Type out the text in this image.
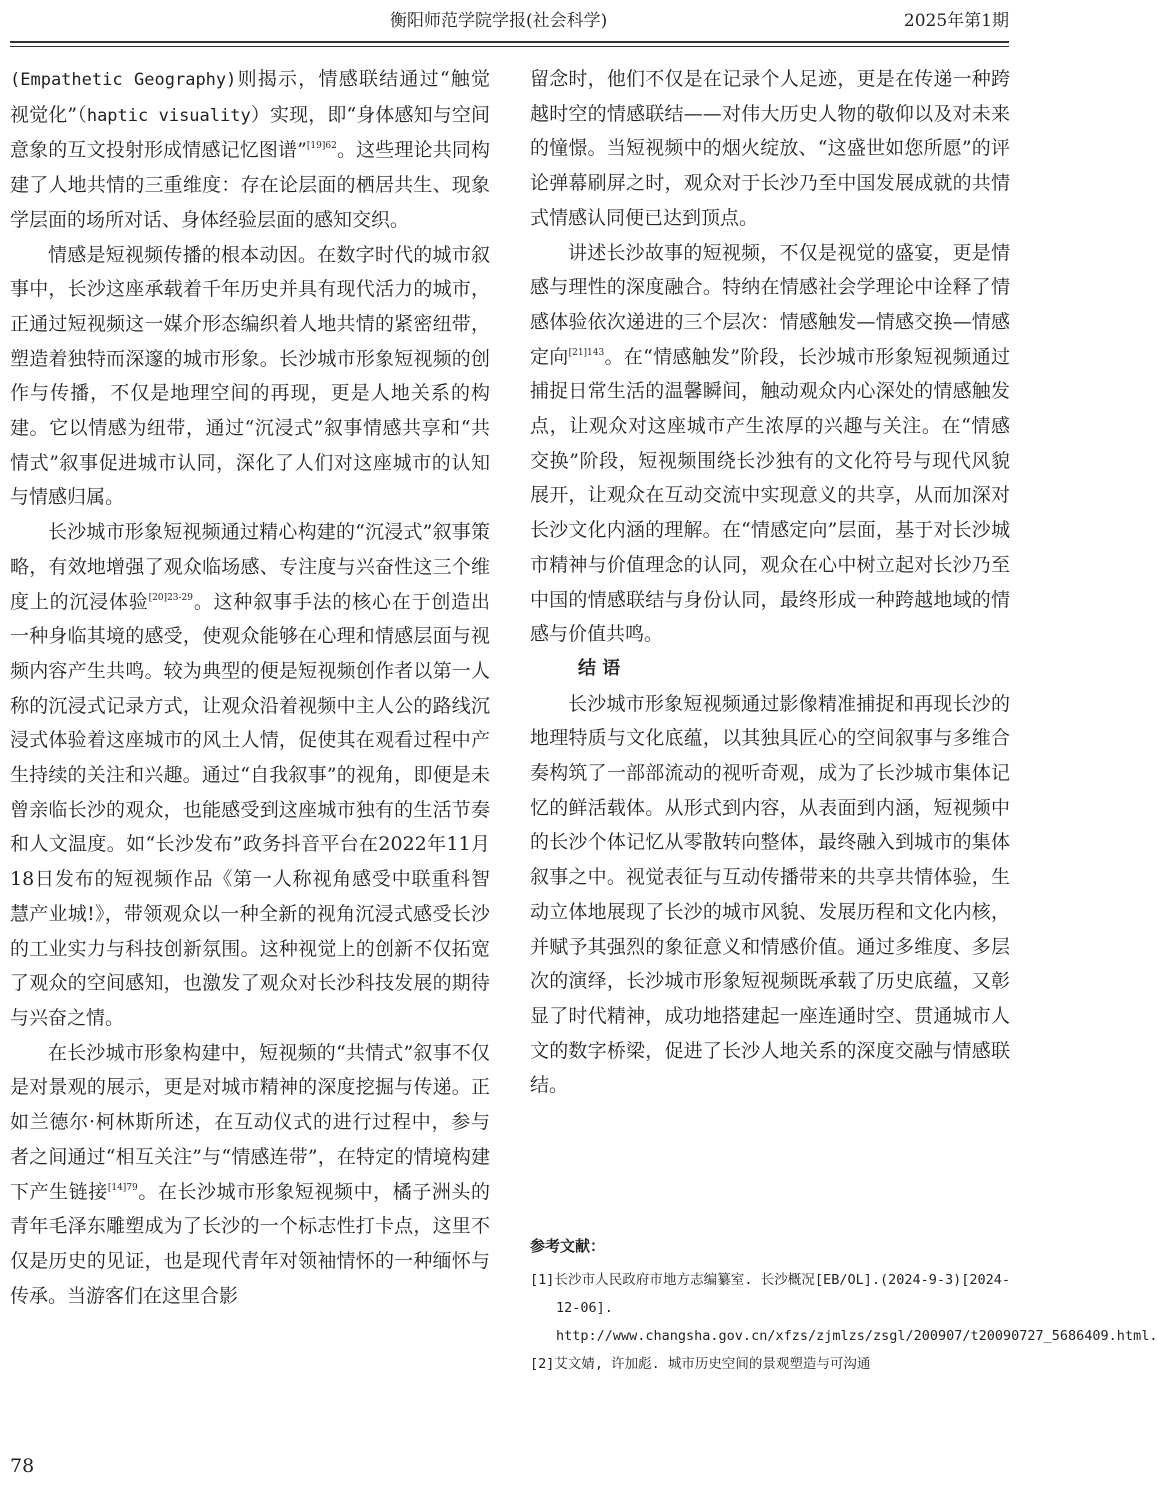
衡阳师范学院学报(社会科学)	2025年第1期

(Empathetic Geography)则揭示，情感联结通过“触觉视觉化”（haptic visuality）实现，即“身体感知与空间意象的互文投射形成情感记忆图谱”$^{[19]62}$。这些理论共同构建了人地共情的三重维度：存在论层面的栖居共生、现象学层面的场所对话、身体经验层面的感知交织。

情感是短视频传播的根本动因。在数字时代的城市叙事中，长沙这座承载着千年历史并具有现代活力的城市，正通过短视频这一媒介形态编织着人地共情的紧密纽带，塑造着独特而深邃的城市形象。长沙城市形象短视频的创作与传播，不仅是地理空间的再现，更是人地关系的构建。它以情感为纽带，通过“沉浸式”叙事情感共享和“共情式”叙事促进城市认同，深化了人们对这座城市的认知与情感归属。

长沙城市形象短视频通过精心构建的“沉浸式”叙事策略，有效地增强了观众临场感、专注度与兴奋性这三个维度上的沉浸体验$^{[20]23-29}$。这种叙事手法的核心在于创造出一种身临其境的感受，使观众能够在心理和情感层面与视频内容产生共鸣。较为典型的便是短视频创作者以第一人称的沉浸式记录方式，让观众沿着视频中主人公的路线沉浸式体验着这座城市的风土人情，促使其在观看过程中产生持续的关注和兴趣。通过“自我叙事”的视角，即便是未曾亲临长沙的观众，也能感受到这座城市独有的生活节奏和人文温度。如“长沙发布”政务抖音平台在2022年11月18日发布的短视频作品《第一人称视角感受中联重科智慧产业城!》，带领观众以一种全新的视角沉浸式感受长沙的工业实力与科技创新氛围。这种视觉上的创新不仅拓宽了观众的空间感知，也激发了观众对长沙科技发展的期待与兴奋之情。

在长沙城市形象构建中，短视频的“共情式”叙事不仅是对景观的展示，更是对城市精神的深度挖掘与传递。正如兰德尔·柯林斯所述，在互动仪式的进行过程中，参与者之间通过“相互关注”与“情感连带”，在特定的情境构建下产生链接$^{[14]79}$。在长沙城市形象短视频中，橘子洲头的青年毛泽东雕塑成为了长沙的一个标志性打卡点，这里不仅是历史的见证，也是现代青年对领袖情怀的一种缅怀与传承。当游客们在这里合影

留念时，他们不仅是在记录个人足迹，更是在传递一种跨越时空的情感联结——对伟大历史人物的敬仰以及对未来的憧憬。当短视频中的烟火绽放、“这盛世如您所愿”的评论弹幕刷屏之时，观众对于长沙乃至中国发展成就的共情式情感认同便已达到顶点。

讲述长沙故事的短视频，不仅是视觉的盛宴，更是情感与理性的深度融合。特纳在情感社会学理论中诠释了情感体验依次递进的三个层次：情感触发—情感交换—情感定向$^{[21]143}$。在“情感触发”阶段，长沙城市形象短视频通过捕捉日常生活的温馨瞬间，触动观众内心深处的情感触发点，让观众对这座城市产生浓厚的兴趣与关注。在“情感交换”阶段，短视频围绕长沙独有的文化符号与现代风貌展开，让观众在互动交流中实现意义的共享，从而加深对长沙文化内涵的理解。在“情感定向”层面，基于对长沙城市精神与价值理念的认同，观众在心中树立起对长沙乃至中国的情感联结与身份认同，最终形成一种跨越地域的情感与价值共鸣。

结 语

长沙城市形象短视频通过影像精准捕捉和再现长沙的地理特质与文化底蕴，以其独具匠心的空间叙事与多维合奏构筑了一部部流动的视听奇观，成为了长沙城市集体记忆的鲜活载体。从形式到内容，从表面到内涵，短视频中的长沙个体记忆从零散转向整体，最终融入到城市的集体叙事之中。视觉表征与互动传播带来的共享共情体验，生动立体地展现了长沙的城市风貌、发展历程和文化内核，并赋予其强烈的象征意义和情感价值。通过多维度、多层次的演绎，长沙城市形象短视频既承载了历史底蕴，又彰显了时代精神，成功地搭建起一座连通时空、贯通城市人文的数字桥梁，促进了长沙人地关系的深度交融与情感联结。

参考文献：

[1]长沙市人民政府市地方志编纂室. 长沙概况[EB/OL].(2024-9-3)[2024-12-06]. http://www.changsha.gov.cn/xfzs/zjmlzs/zsgl/200907/t20090727_5686409.html.

[2]艾文婧, 许加彪. 城市历史空间的景观塑造与可沟通

78
